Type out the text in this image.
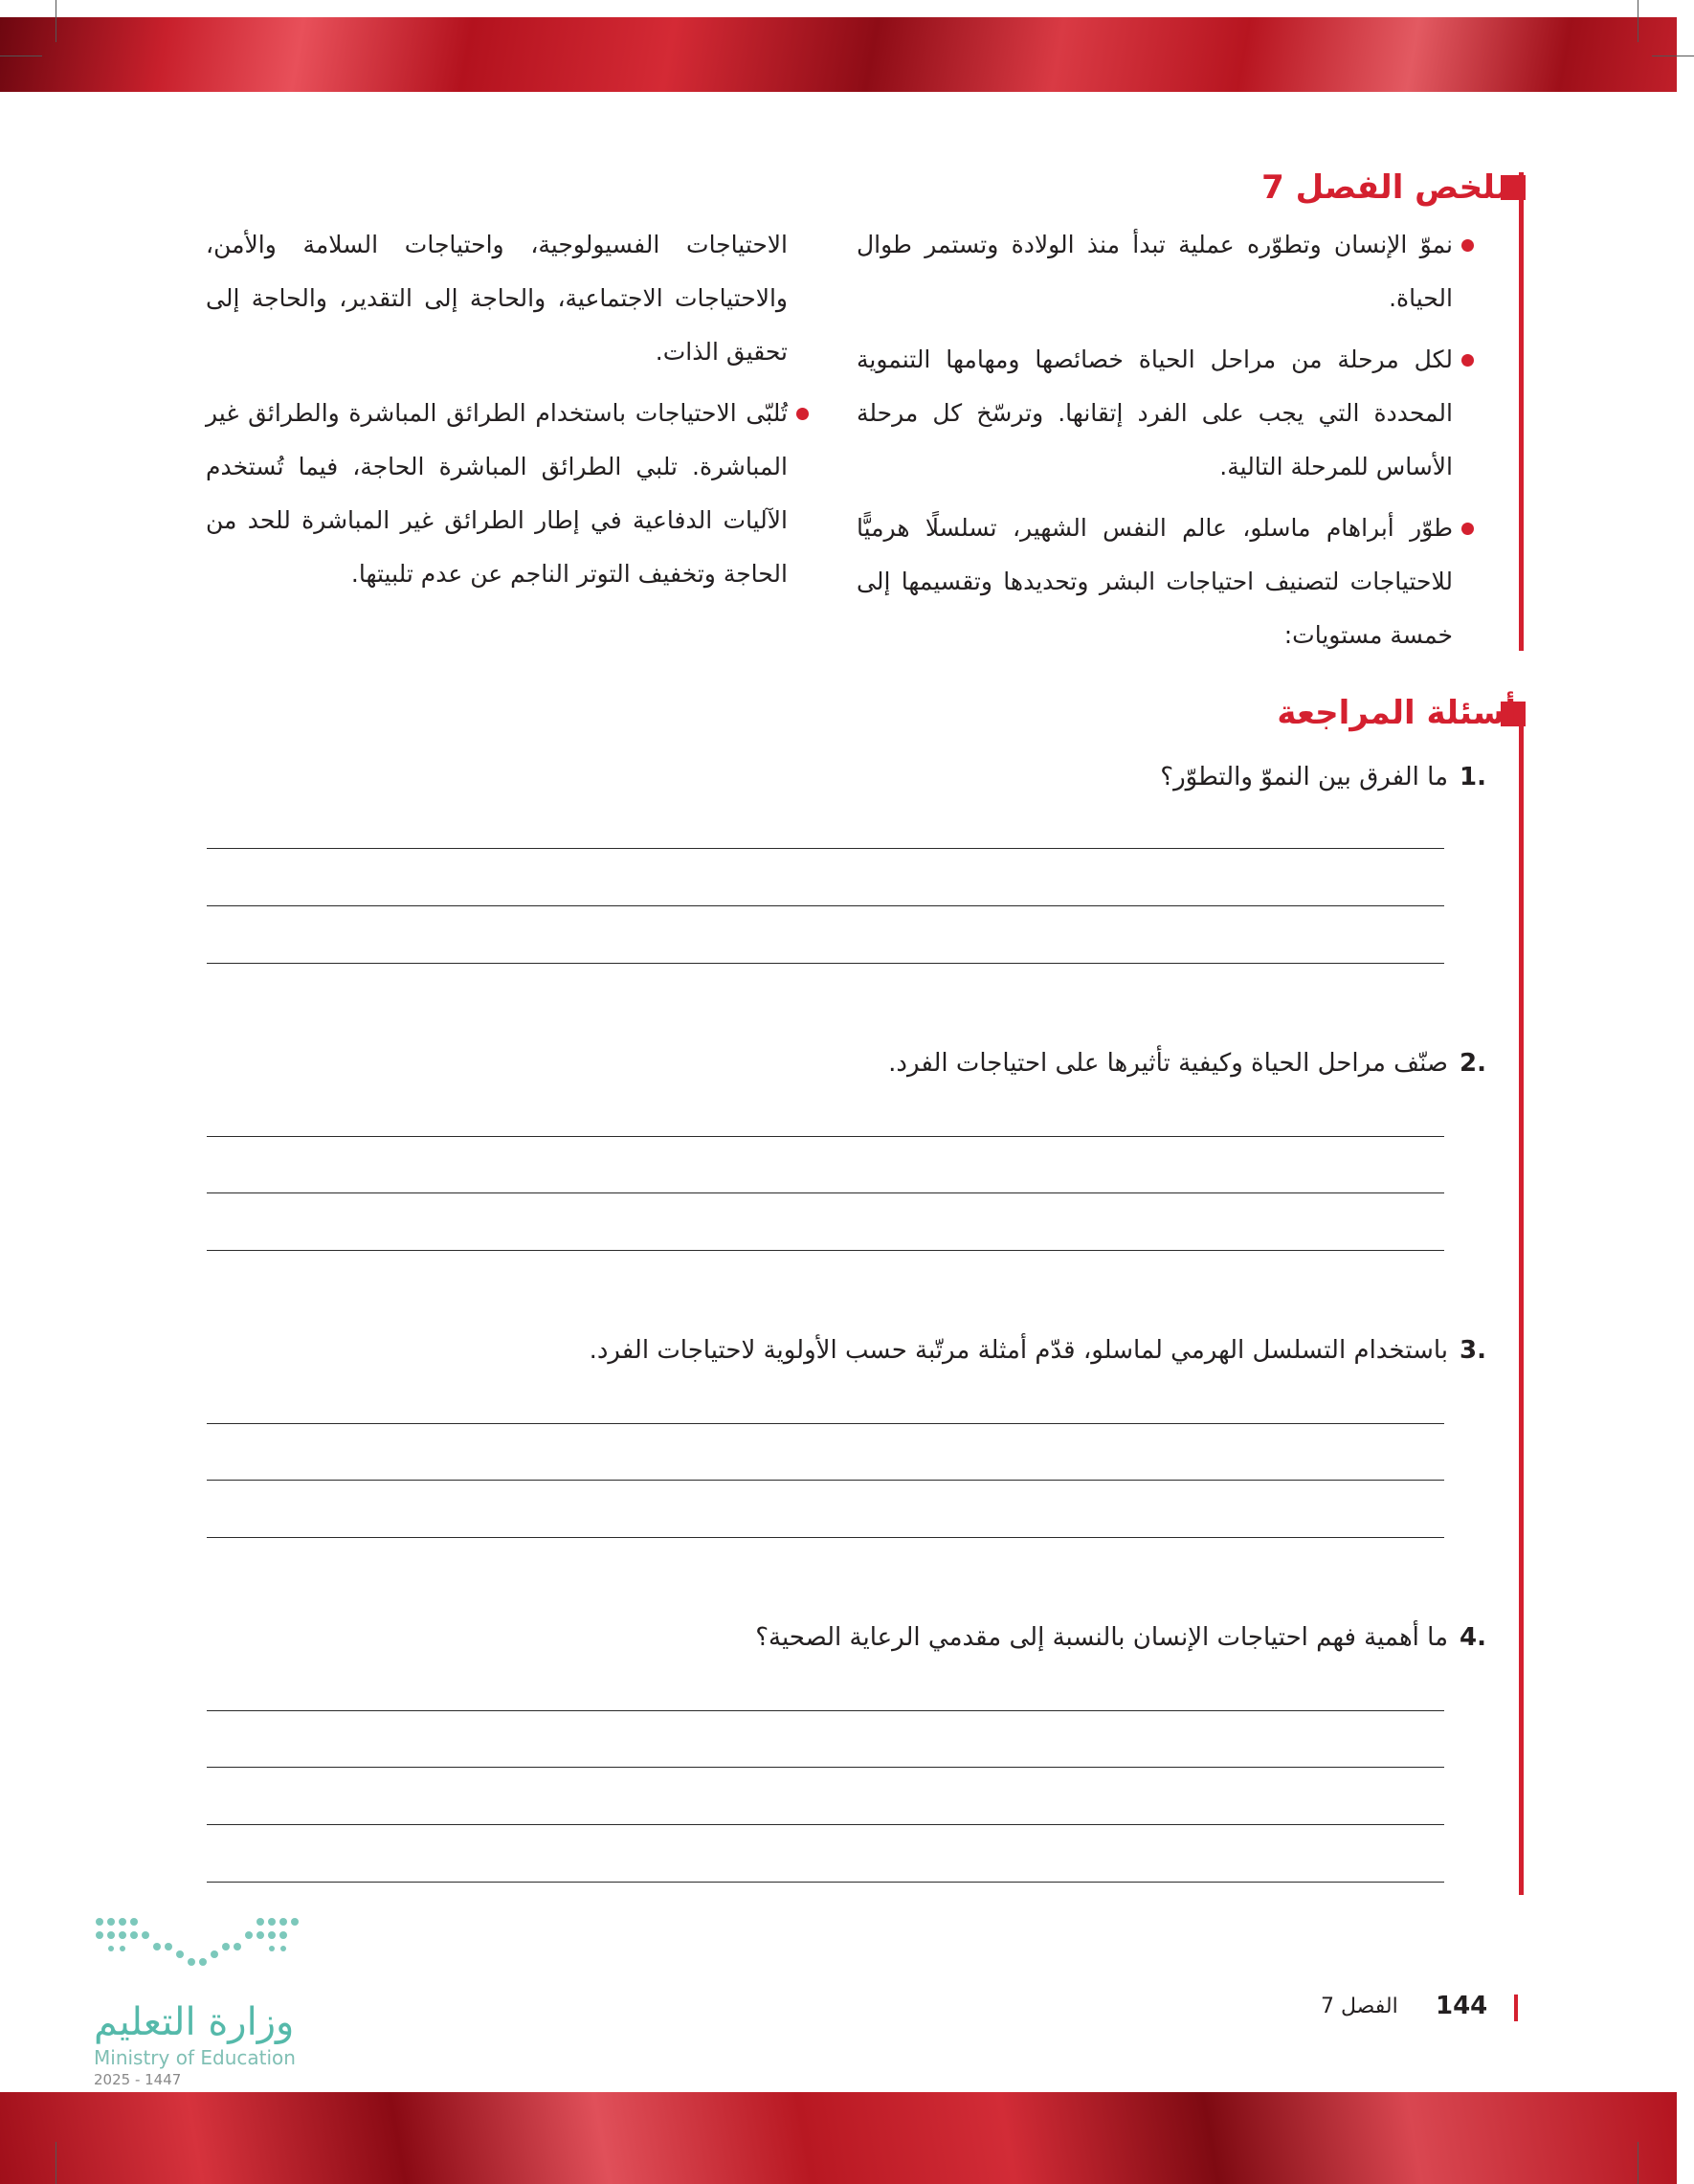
ملخص الفصل 7

نموّ الإنسان وتطوّره عملية تبدأ منذ الولادة وتستمر طوال الحياة.

لكل مرحلة من مراحل الحياة خصائصها ومهامها التنموية المحددة التي يجب على الفرد إتقانها. وترسّخ كل مرحلة الأساس للمرحلة التالية.

طوّر أبراهام ماسلو، عالم النفس الشهير، تسلسلًا هرميًّا للاحتياجات لتصنيف احتياجات البشر وتحديدها وتقسيمها إلى خمسة مستويات:

الاحتياجات الفسيولوجية، واحتياجات السلامة والأمن، والاحتياجات الاجتماعية، والحاجة إلى التقدير، والحاجة إلى تحقيق الذات.

تُلبّى الاحتياجات باستخدام الطرائق المباشرة والطرائق غير المباشرة. تلبي الطرائق المباشرة الحاجة، فيما تُستخدم الآليات الدفاعية في إطار الطرائق غير المباشرة للحد من الحاجة وتخفيف التوتر الناجم عن عدم تلبيتها.

أسئلة المراجعة
.1ما الفرق بين النموّ والتطوّر؟
.2صنّف مراحل الحياة وكيفية تأثيرها على احتياجات الفرد.
.3باستخدام التسلسل الهرمي لماسلو، قدّم أمثلة مرتّبة حسب الأولوية لاحتياجات الفرد.
.4ما أهمية فهم احتياجات الإنسان بالنسبة إلى مقدمي الرعاية الصحية؟
144
الفصل 7
وزارة التعليم
Ministry of Education
2025 - 1447
